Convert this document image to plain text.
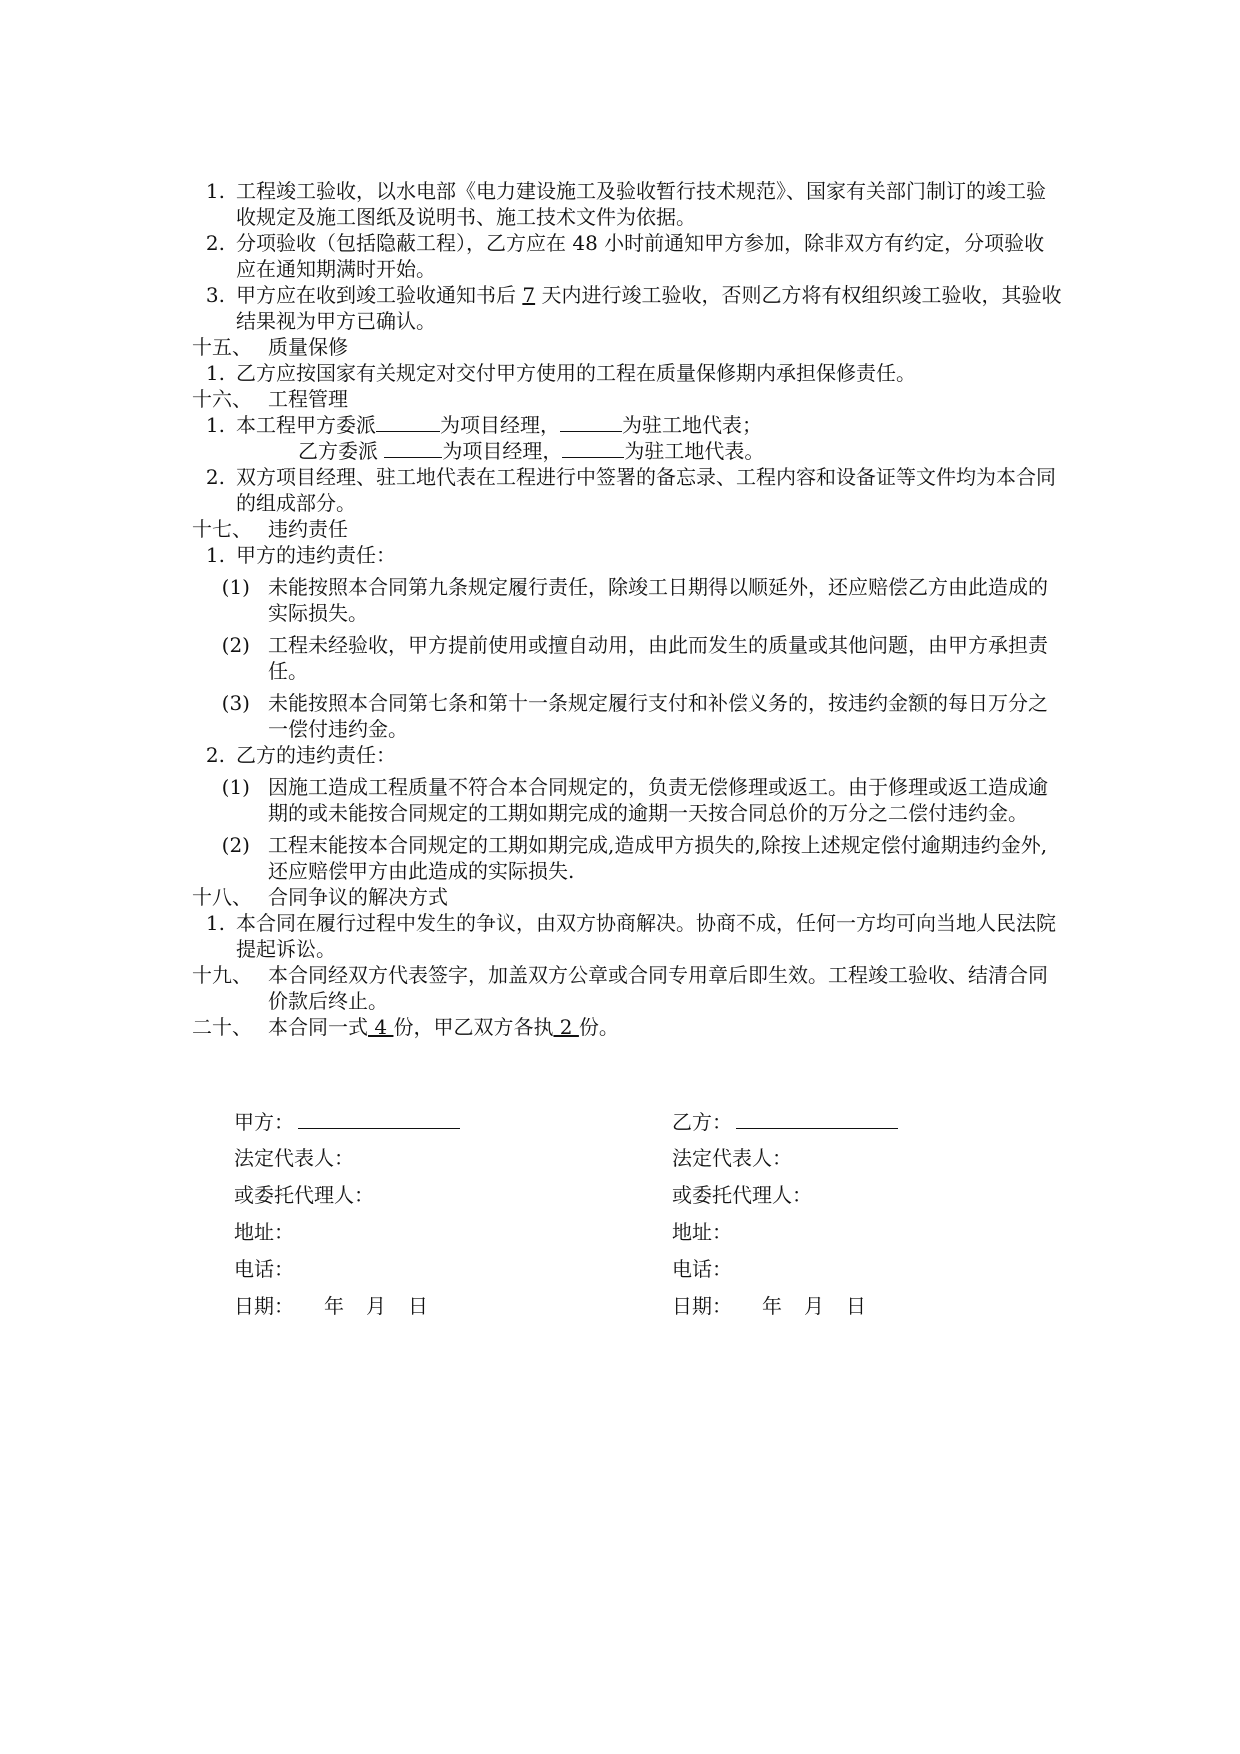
1. 工程竣工验收，以水电部《电力建设施工及验收暂行技术规范》、国家有关部门制订的竣工验收规定及施工图纸及说明书、施工技术文件为依据。
2. 分项验收（包括隐蔽工程），乙方应在 48 小时前通知甲方参加，除非双方有约定，分项验收应在通知期满时开始。
3. 甲方应在收到竣工验收通知书后 7 天内进行竣工验收，否则乙方将有权组织竣工验收，其验收结果视为甲方已确认。
十五、 质量保修
1. 乙方应按国家有关规定对交付甲方使用的工程在质量保修期内承担保修责任。
十六、 工程管理
1. 本工程甲方委派	为项目经理，	为驻工地代表；
乙方委派	为项目经理，	为驻工地代表。
2. 双方项目经理、驻工地代表在工程进行中签署的备忘录、工程内容和设备证等文件均为本合同的组成部分。
十七、 违约责任
1. 甲方的违约责任：
(1) 未能按照本合同第九条规定履行责任，除竣工日期得以顺延外，还应赔偿乙方由此造成的实际损失。
(2) 工程未经验收，甲方提前使用或擅自动用，由此而发生的质量或其他问题，由甲方承担责任。
(3) 未能按照本合同第七条和第十一条规定履行支付和补偿义务的，按违约金额的每日万分之一偿付违约金。
2. 乙方的违约责任：
(1) 因施工造成工程质量不符合本合同规定的，负责无偿修理或返工。由于修理或返工造成逾期的或未能按合同规定的工期如期完成的逾期一天按合同总价的万分之二偿付违约金。
(2) 工程末能按本合同规定的工期如期完成,造成甲方损失的,除按上述规定偿付逾期违约金外,还应赔偿甲方由此造成的实际损失.
十八、 合同争议的解决方式
1. 本合同在履行过程中发生的争议，由双方协商解决。协商不成，任何一方均可向当地人民法院提起诉讼。
十九、 本合同经双方代表签字，加盖双方公章或合同专用章后即生效。工程竣工验收、结清合同价款后终止。
二十、 本合同一式 4 份，甲乙双方各执 2 份。
甲方：
法定代表人：
或委托代理人：
地址：
电话：
日期： 年 月 日
乙方：
法定代表人：
或委托代理人：
地址：
电话：
日期： 年 月 日
